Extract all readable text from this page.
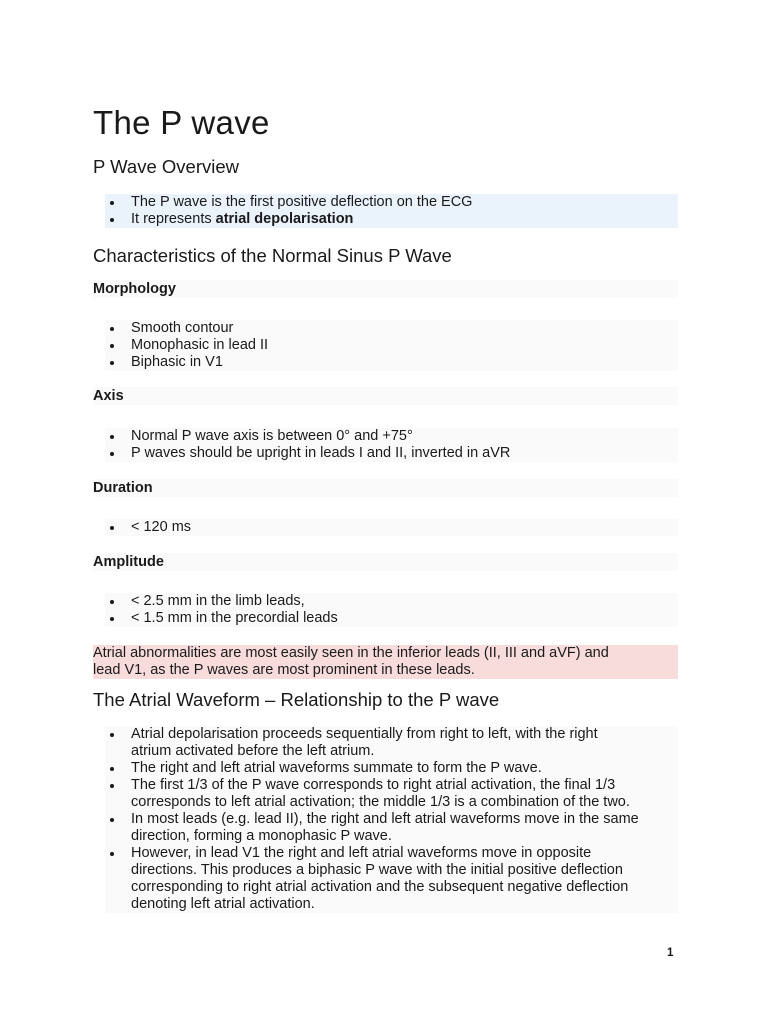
The P wave
P Wave Overview
The P wave is the first positive deflection on the ECG
It represents atrial depolarisation
Characteristics of the Normal Sinus P Wave
Morphology
Smooth contour
Monophasic in lead II
Biphasic in V1
Axis
Normal P wave axis is between 0° and +75°
P waves should be upright in leads I and II, inverted in aVR
Duration
< 120 ms
Amplitude
< 2.5 mm in the limb leads,
< 1.5 mm in the precordial leads
Atrial abnormalities are most easily seen in the inferior leads (II, III and aVF) and
lead V1, as the P waves are most prominent in these leads.
The Atrial Waveform – Relationship to the P wave
Atrial depolarisation proceeds sequentially from right to left, with the right
atrium activated before the left atrium.
The right and left atrial waveforms summate to form the P wave.
The first 1/3 of the P wave corresponds to right atrial activation, the final 1/3
corresponds to left atrial activation; the middle 1/3 is a combination of the two.
In most leads (e.g. lead II), the right and left atrial waveforms move in the same
direction, forming a monophasic P wave.
However, in lead V1 the right and left atrial waveforms move in opposite
directions. This produces a biphasic P wave with the initial positive deflection
corresponding to right atrial activation and the subsequent negative deflection
denoting left atrial activation.
1
